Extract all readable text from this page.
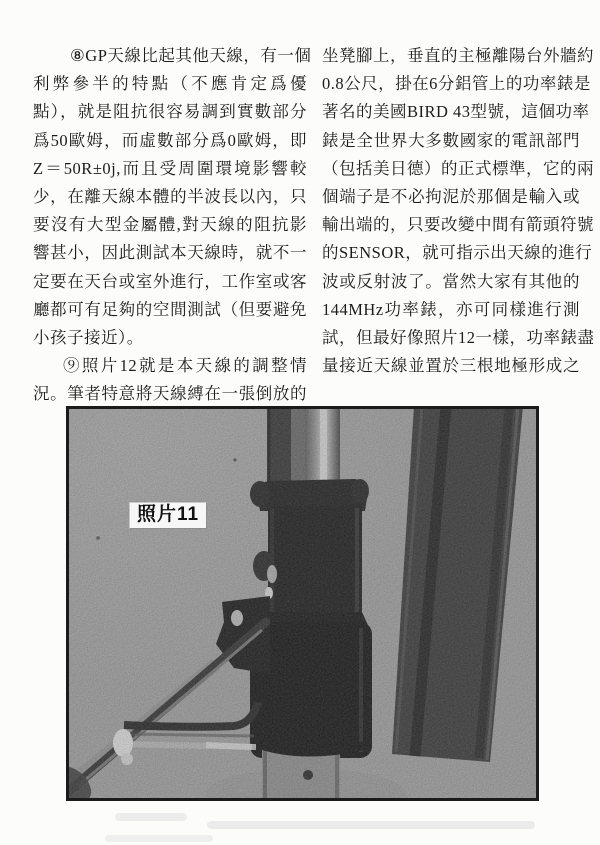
⑧GP天線比起其他天線，有一個
利弊參半的特點（不應肯定爲優
點），就是阻抗很容易調到實數部分
爲50歐姆，而虛數部分爲0歐姆，即
Z＝50R±0j,而且受周圍環境影響較
少，在離天線本體的半波長以內，只
要沒有大型金屬體,對天線的阻抗影
響甚小，因此測試本天線時，就不一
定要在天台或室外進行，工作室或客
廳都可有足夠的空間測試（但要避免
小孩子接近）。
⑨照片12就是本天線的調整情
況。筆者特意將天線縛在一張倒放的
坐凳腳上，垂直的主極離陽台外牆約
0.8公尺，掛在6分鋁管上的功率錶是
著名的美國BIRD 43型號，這個功率
錶是全世界大多數國家的電訊部門
（包括美日德）的正式標準，它的兩
個端子是不必拘泥於那個是輸入或
輸出端的，只要改變中間有箭頭符號
的SENSOR，就可指示出天線的進行
波或反射波了。當然大家有其他的
144MHz功率錶，亦可同樣進行測
試，但最好像照片12一樣，功率錶盡
量接近天線並置於三根地極形成之
照片11
